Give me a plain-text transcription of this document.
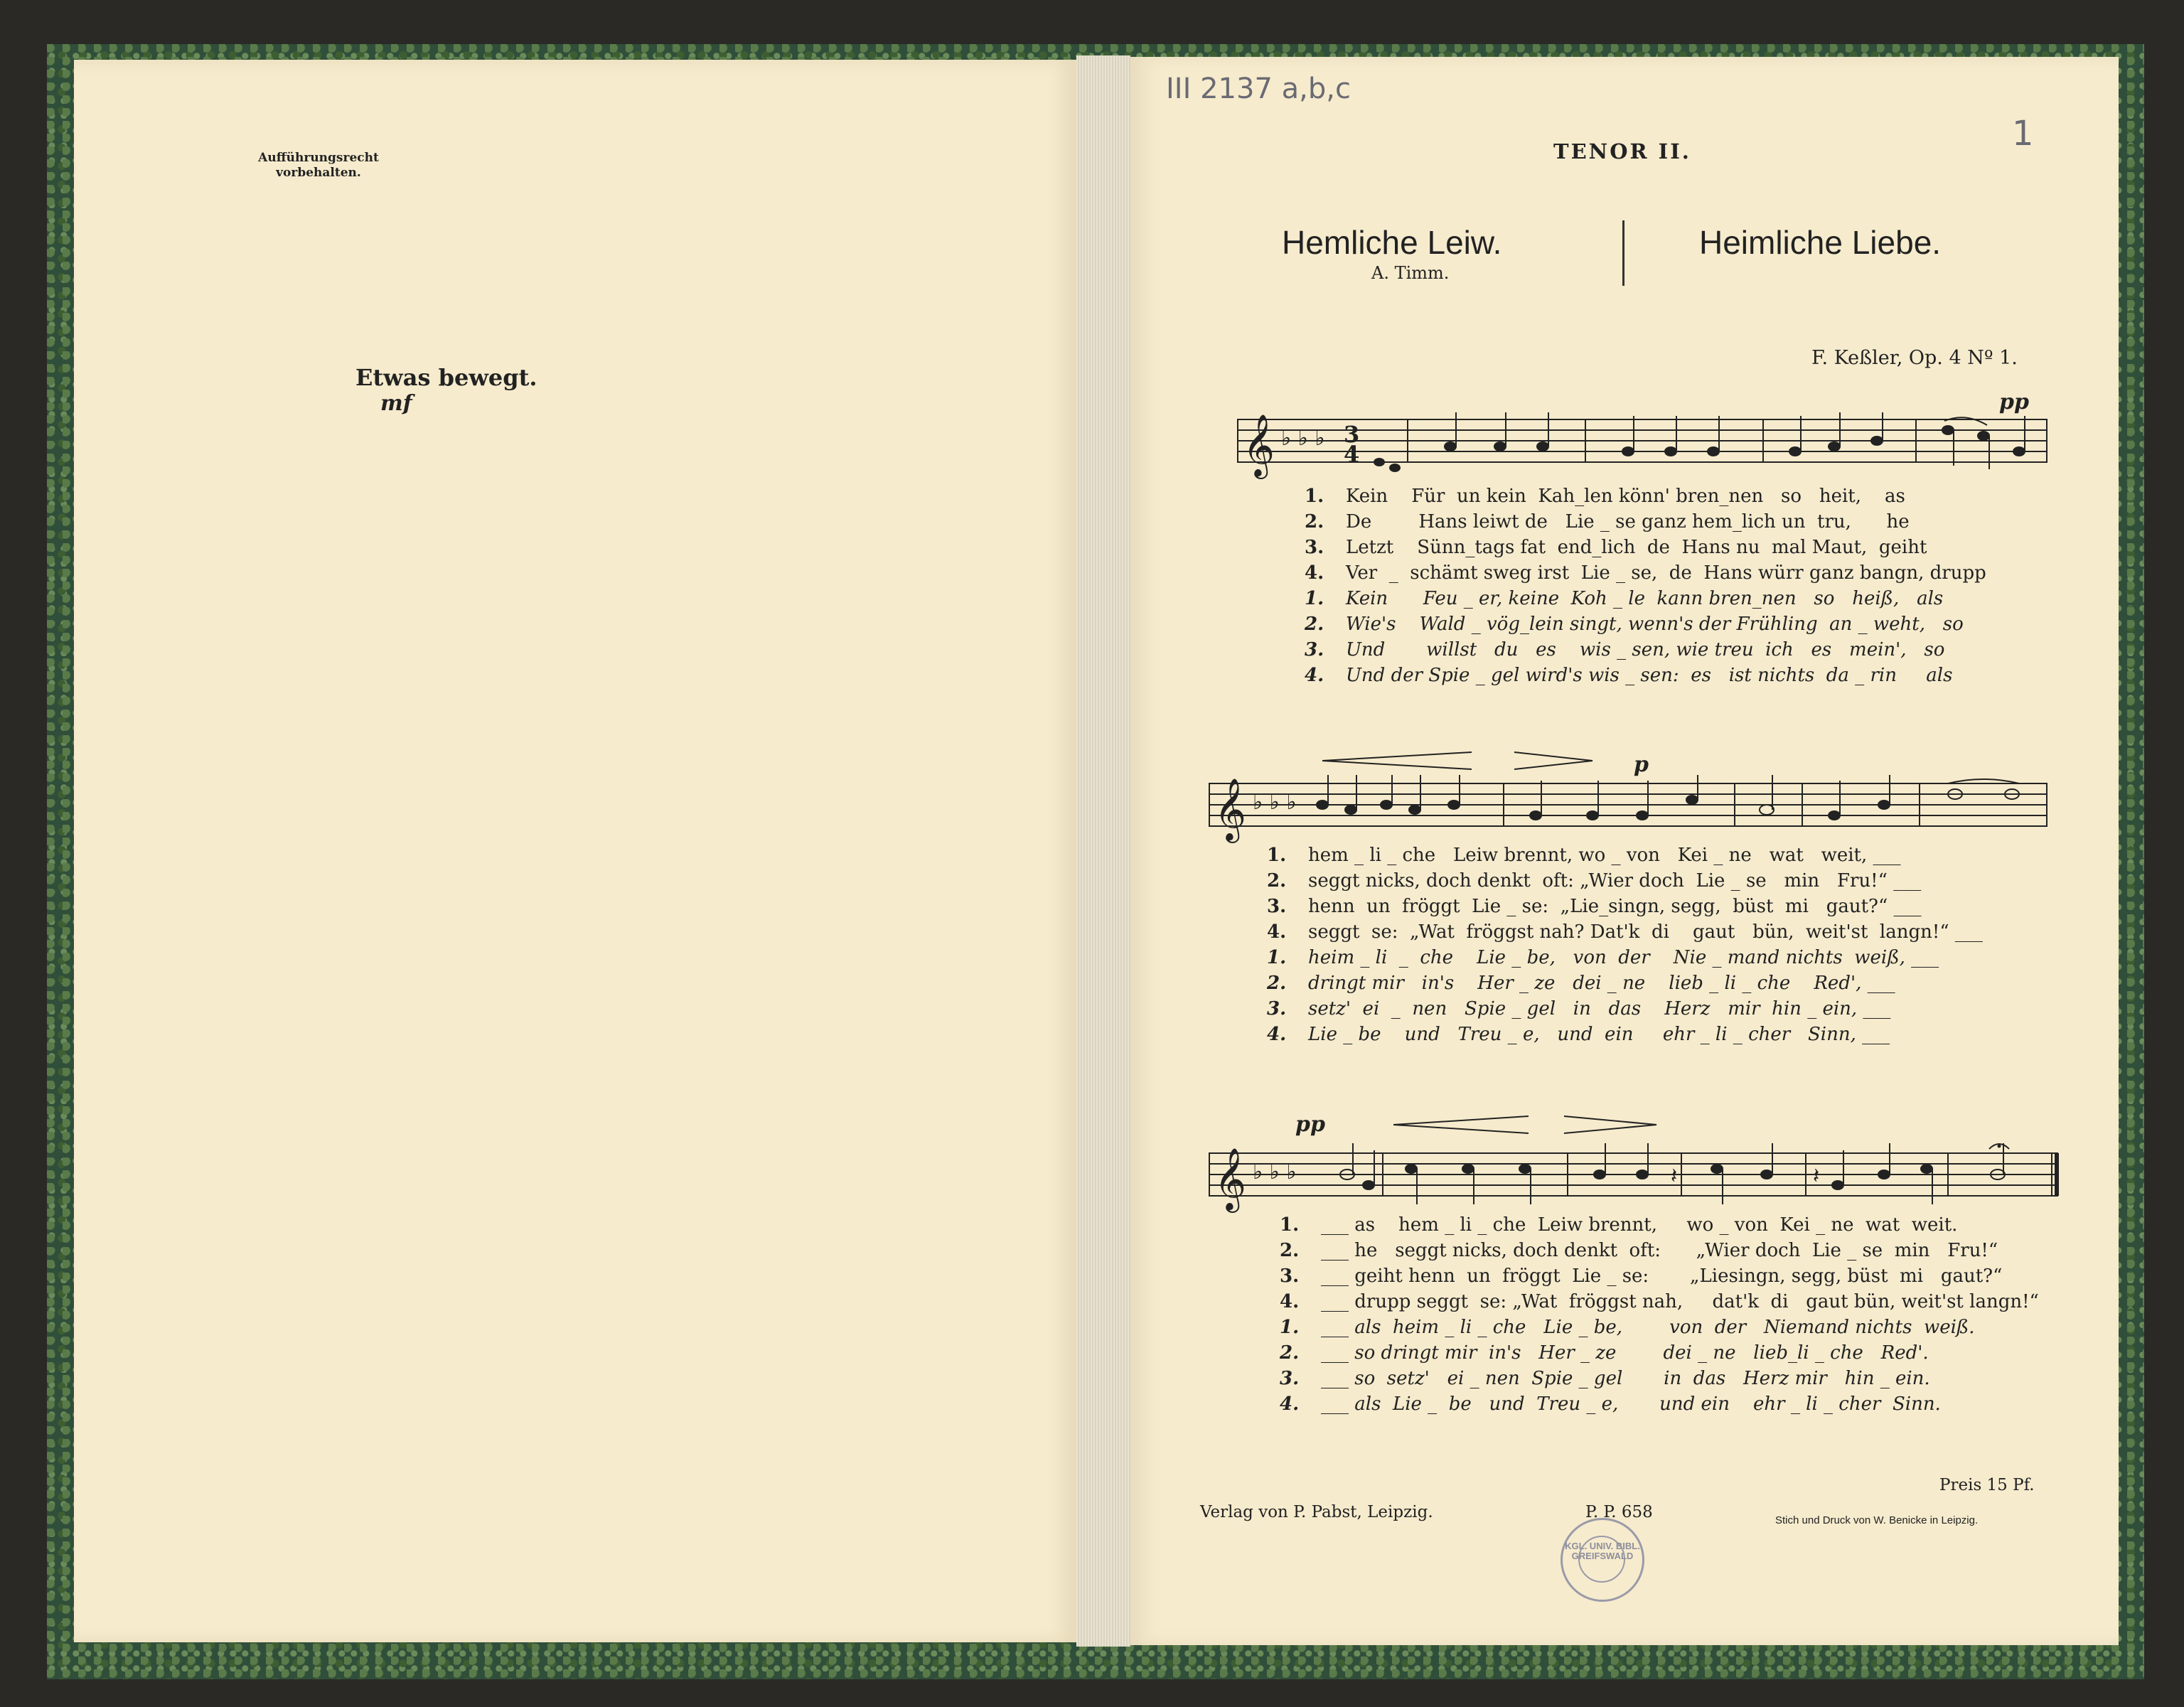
III 2137 a,b,c
1
Aufführungsrecht vorbehalten.
TENOR II.
Hemliche Leiw.
A. Timm.
Heimliche Liebe.
F. Keßler, Op. 4 Nº 1.
Etwas bewegt.
mf	pp
𝄞 ♭ ♭ ♭ 3
4
1.	Kein    Für  un kein  Kah_len könn' bren_nen   so   heit,    as
2.	De        Hans leiwt de   Lie _ se ganz hem_lich un  tru,      he
3.	Letzt    Sünn_tags fat  end_lich  de  Hans nu  mal Maut,  geiht
4.	Ver  _  schämt sweg irst  Lie _ se,  de  Hans würr ganz bangn, drupp
1.	Kein      Feu _ er, keine  Koh _ le  kann bren_nen   so   heiß,   als
2.	Wie's    Wald _ vög_lein singt, wenn's der Frühling  an _ weht,   so
3.	Und       willst   du   es    wis _ sen, wie treu  ich   es   mein',   so
4.	Und der Spie _ gel wird's wis _ sen:  es   ist nichts  da _ rin     als
p
𝄞 ♭ ♭ ♭
1.	hem _ li _ che   Leiw brennt, wo _ von   Kei _ ne   wat   weit, ___
2.	seggt nicks, doch denkt  oft: „Wier doch  Lie _ se   min   Fru!“ ___
3.	henn  un  fröggt  Lie _ se:  „Lie_singn, segg,  büst  mi   gaut?“ ___
4.	seggt  se:  „Wat  fröggst nah? Dat'k  di    gaut   bün,  weit'st  langn!“ ___
1.	heim _ li  _  che    Lie _ be,   von  der    Nie _ mand nichts  weiß, ___
2.	dringt mir   in's    Her _ ze   dei _ ne    lieb _ li _ che    Red', ___
3.	setz'  ei  _  nen   Spie _ gel   in   das    Herz   mir  hin _ ein, ___
4.	Lie _ be    und   Treu _ e,   und  ein     ehr _ li _ cher   Sinn, ___
pp
𝄞 ♭ ♭ ♭	𝄽	𝄽
1.	___ as    hem _ li _ che  Leiw brennt,     wo _ von  Kei _ ne  wat  weit.
2.	___ he   seggt nicks, doch denkt  oft:      „Wier doch  Lie _ se  min   Fru!“
3.	___ geiht henn  un  fröggt  Lie _ se:       „Liesingn, segg, büst  mi   gaut?“
4.	___ drupp seggt  se: „Wat  fröggst nah,     dat'k  di   gaut bün, weit'st langn!“
1.	___ als  heim _ li _ che   Lie _ be,        von  der   Niemand nichts  weiß.
2.	___ so dringt mir  in's   Her _ ze        dei _ ne   lieb_li _ che   Red'.
3.	___ so  setz'   ei _ nen  Spie _ gel       in  das   Herz mir   hin _ ein.
4.	___ als  Lie _  be   und  Treu _ e,       und ein    ehr _ li _ cher  Sinn.
Preis 15 Pf.
Verlag von P. Pabst, Leipzig.	P. P. 658	Stich und Druck von W. Benicke in Leipzig.
KGL. UNIV. BIBL. GREIFSWALD
